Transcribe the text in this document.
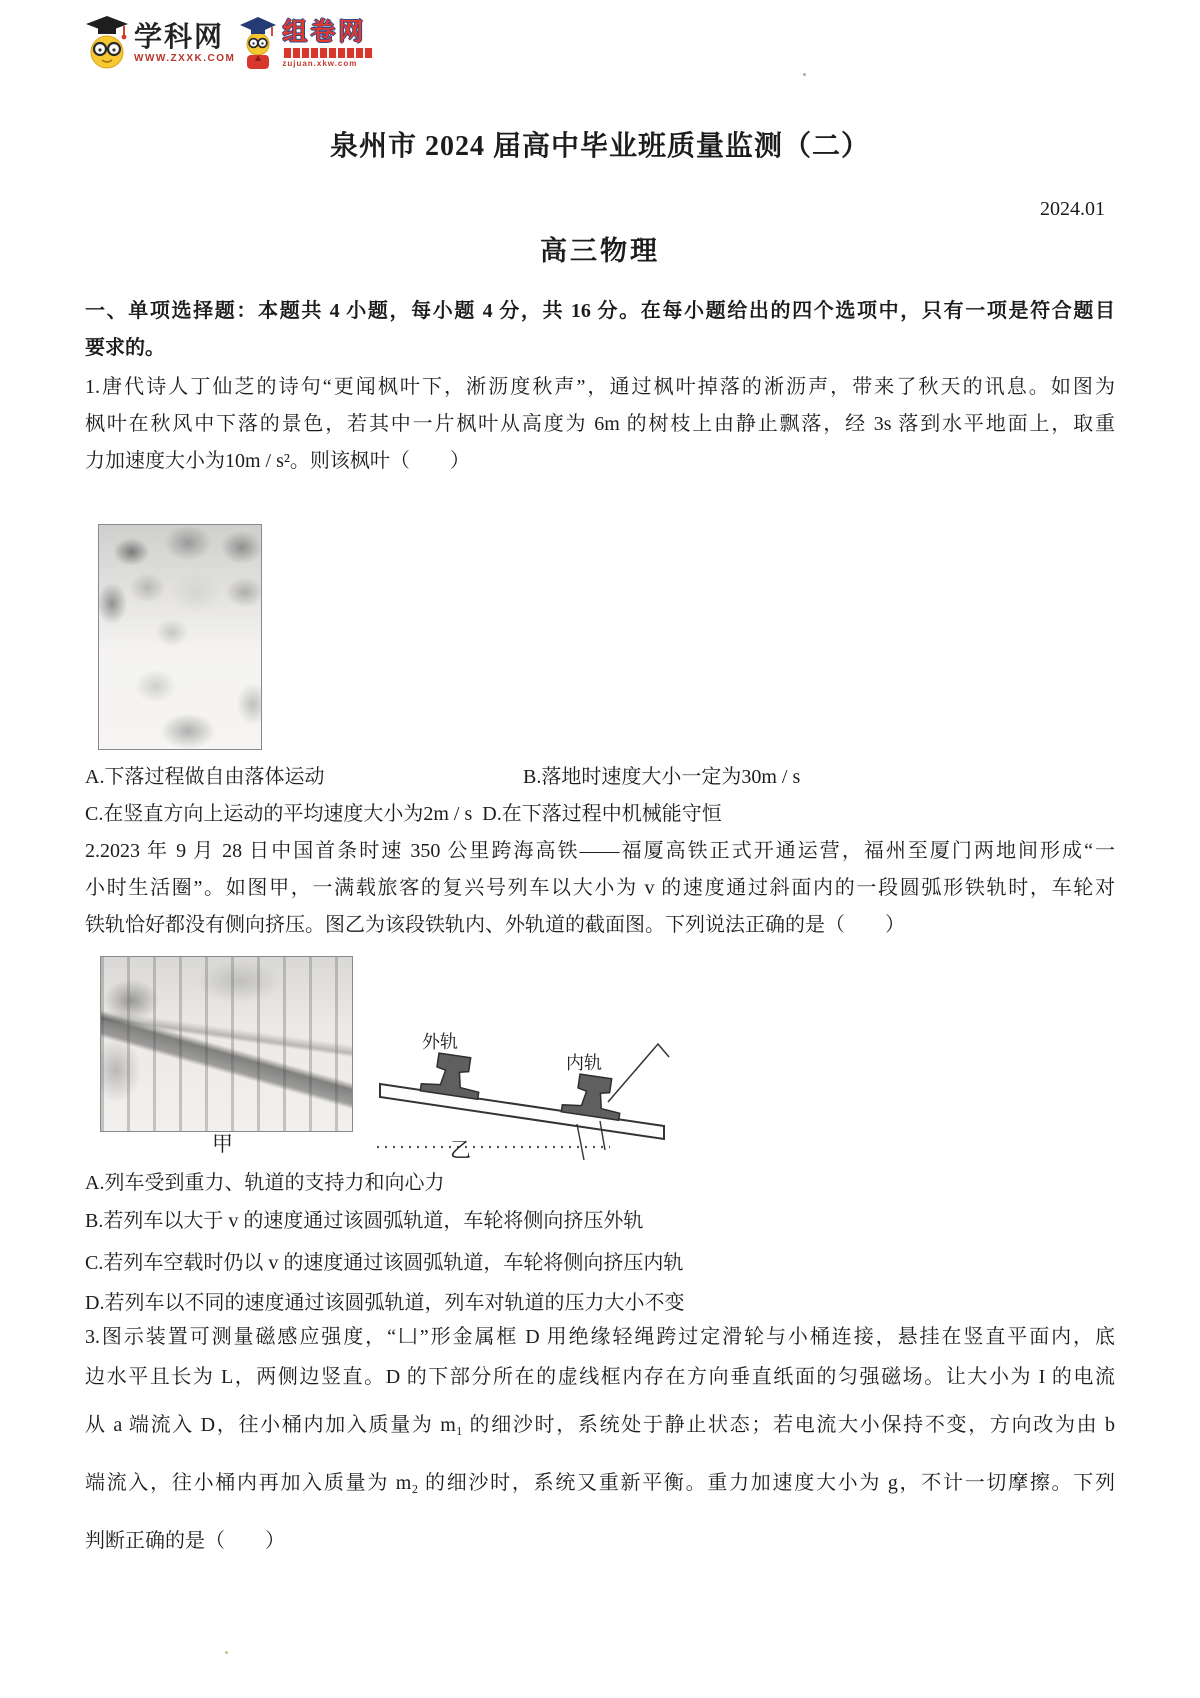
学科网
WWW.ZXXK.COM
组卷网
zujuan.xkw.com
泉州市 2024 届高中毕业班质量监测（二）
2024.01
高三物理
一、单项选择题：本题共 4 小题，每小题 4 分，共 16 分。在每小题给出的四个选项中，只有一项是符合题目
要求的。
1.唐代诗人丁仙芝的诗句“更闻枫叶下，淅沥度秋声”，通过枫叶掉落的淅沥声，带来了秋天的讯息。如图为
枫叶在秋风中下落的景色，若其中一片枫叶从高度为 6m 的树枝上由静止飘落，经 3s 落到水平地面上，取重
力加速度大小为10m / s²。则该枫叶（　　）
A.下落过程做自由落体运动	B.落地时速度大小一定为30m / s
C.在竖直方向上运动的平均速度大小为2m / s D.在下落过程中机械能守恒
2.2023 年 9 月 28 日中国首条时速 350 公里跨海高铁——福厦高铁正式开通运营，福州至厦门两地间形成“一
小时生活圈”。如图甲，一满载旅客的复兴号列车以大小为 v 的速度通过斜面内的一段圆弧形铁轨时，车轮对
铁轨恰好都没有侧向挤压。图乙为该段铁轨内、外轨道的截面图。下列说法正确的是（　　）
甲
外轨
内轨
乙
A.列车受到重力、轨道的支持力和向心力
B.若列车以大于 v 的速度通过该圆弧轨道，车轮将侧向挤压外轨
C.若列车空载时仍以 v 的速度通过该圆弧轨道，车轮将侧向挤压内轨
D.若列车以不同的速度通过该圆弧轨道，列车对轨道的压力大小不变
3.图示装置可测量磁感应强度，“凵”形金属框 D 用绝缘轻绳跨过定滑轮与小桶连接，悬挂在竖直平面内，底
边水平且长为 L，两侧边竖直。D 的下部分所在的虚线框内存在方向垂直纸面的匀强磁场。让大小为 I 的电流
从 a 端流入 D，往小桶内加入质量为 m₁ 的细沙时，系统处于静止状态；若电流大小保持不变，方向改为由 b
端流入，往小桶内再加入质量为 m₂ 的细沙时，系统又重新平衡。重力加速度大小为 g，不计一切摩擦。下列
判断正确的是（　　）
